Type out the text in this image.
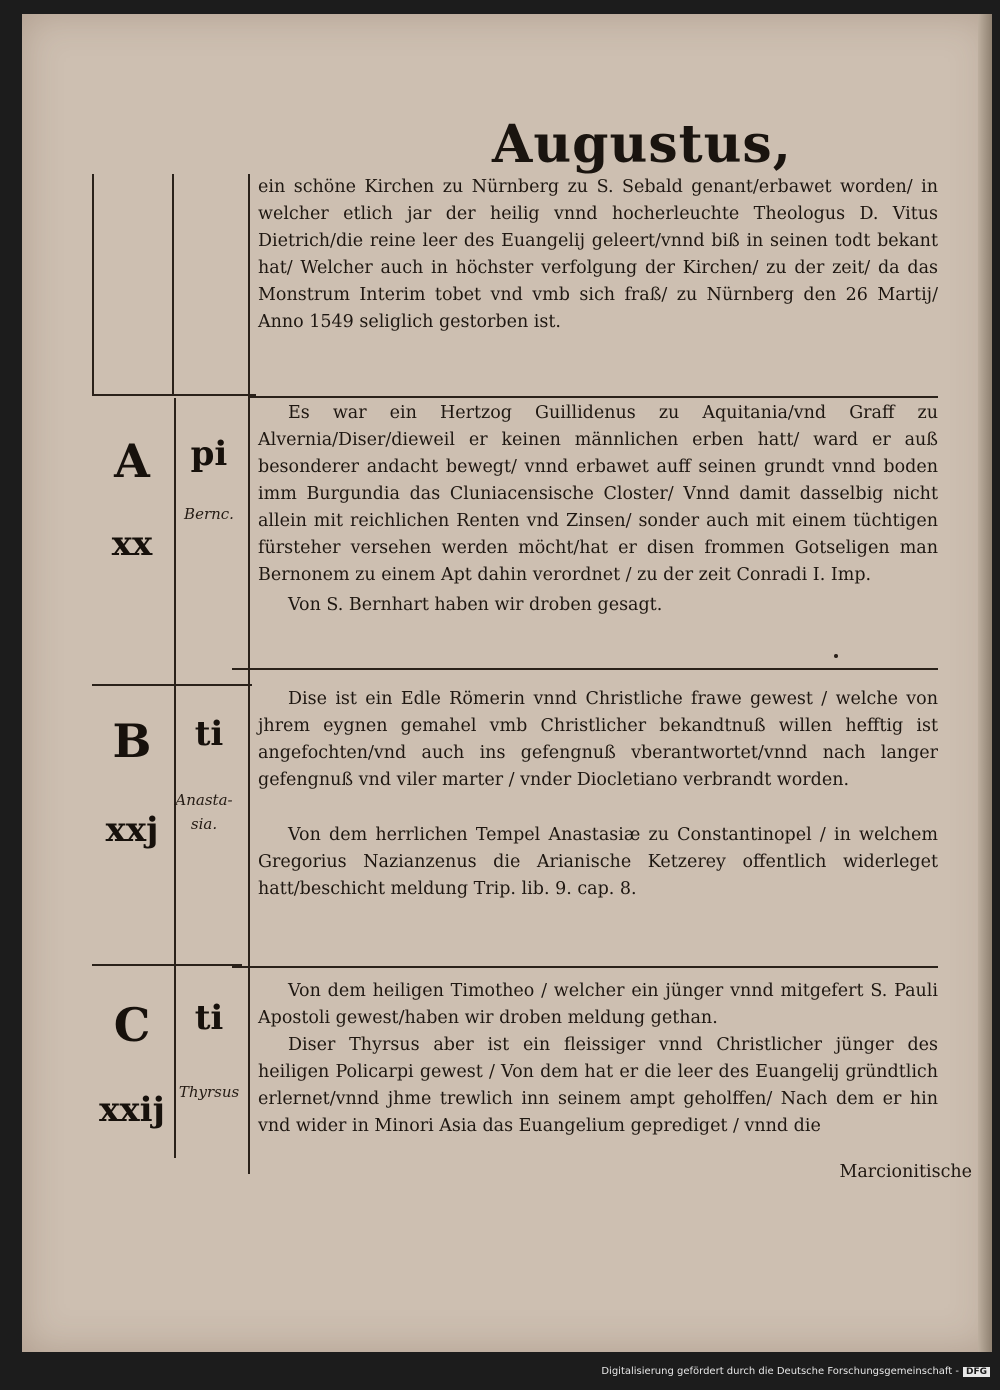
Augustus,

ein schöne Kirchen zu Nürnberg zu S. Sebald genant/erbawet worden/ in welcher etlich jar der heilig vnnd hocherleuchte Theologus D. Vitus Dietrich/die reine leer des Euangelij geleert/vnnd biß in seinen todt bekant hat/ Welcher auch in höchster verfolgung der Kirchen/ zu der zeit/ da das Monstrum Interim tobet vnd vmb sich fraß/ zu Nürnberg den 26 Martij/ Anno 1549 seliglich gestorben ist.

A
xx
pi
Bernc.

Es war ein Hertzog Guillidenus zu Aquitania/vnd Graff zu Alvernia/Diser/dieweil er keinen männlichen erben hatt/ ward er auß besonderer andacht bewegt/ vnnd erbawet auff seinen grundt vnnd boden imm Burgundia das Cluniacensische Closter/ Vnnd damit dasselbig nicht allein mit reichlichen Renten vnd Zinsen/ sonder auch mit einem tüchtigen fürsteher versehen werden möcht/hat er disen frommen Gotseligen man Bernonem zu einem Apt dahin verordnet / zu der zeit Conradi I. Imp.

Von S. Bernhart haben wir droben gesagt.

B
xxj
ti
Anasta-sia.

Dise ist ein Edle Römerin vnnd Christliche frawe gewest / welche von jhrem eygnen gemahel vmb Christlicher bekandtnuß willen hefftig ist angefochten/vnd auch ins gefengnuß vberantwortet/vnnd nach langer gefengnuß vnd viler marter / vnder Diocletiano verbrandt worden.

Von dem herrlichen Tempel Anastasiæ zu Constantinopel / in welchem Gregorius Nazianzenus die Arianische Ketzerey offentlich widerleget hatt/beschicht meldung Trip. lib. 9. cap. 8.

C
xxij
ti
Thyrsus

Von dem heiligen Timotheo / welcher ein jünger vnnd mitgefert S. Pauli Apostoli gewest/haben wir droben meldung gethan.

Diser Thyrsus aber ist ein fleissiger vnnd Christlicher jünger des heiligen Policarpi gewest / Von dem hat er die leer des Euangelij gründtlich erlernet/vnnd jhme trewlich inn seinem ampt geholffen/ Nach dem er hin vnd wider in Minori Asia das Euangelium geprediget / vnnd die

Marcionitische
Digitalisierung gefördert durch die Deutsche Forschungsgemeinschaft - DFG
